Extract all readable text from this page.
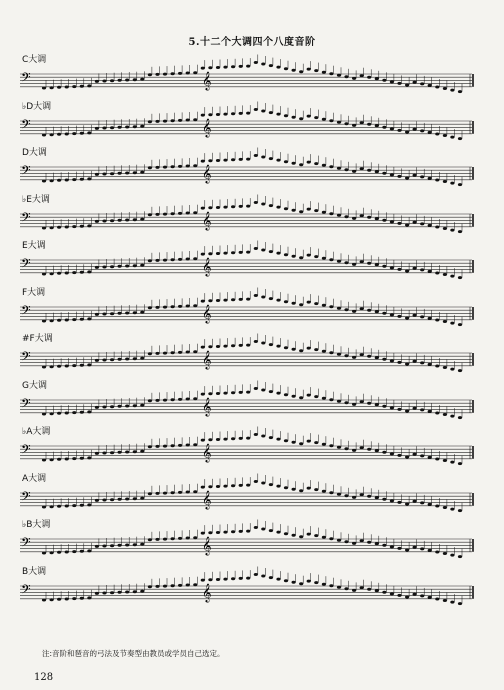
5.十二个大调四个八度音阶
C大调
𝄢	𝄞
♭D大调
𝄢	𝄞
D大调
𝄢	𝄞
♭E大调
𝄢	𝄞
E大调
𝄢	𝄞
F大调
𝄢	𝄞
#F大调
𝄢	𝄞
G大调
𝄢	𝄞
♭A大调
𝄢	𝄞
A大调
𝄢	𝄞
♭B大调
𝄢	𝄞
B大调
𝄢	𝄞
注:音阶和琶音的弓法及节奏型由教员或学员自己选定。
128
